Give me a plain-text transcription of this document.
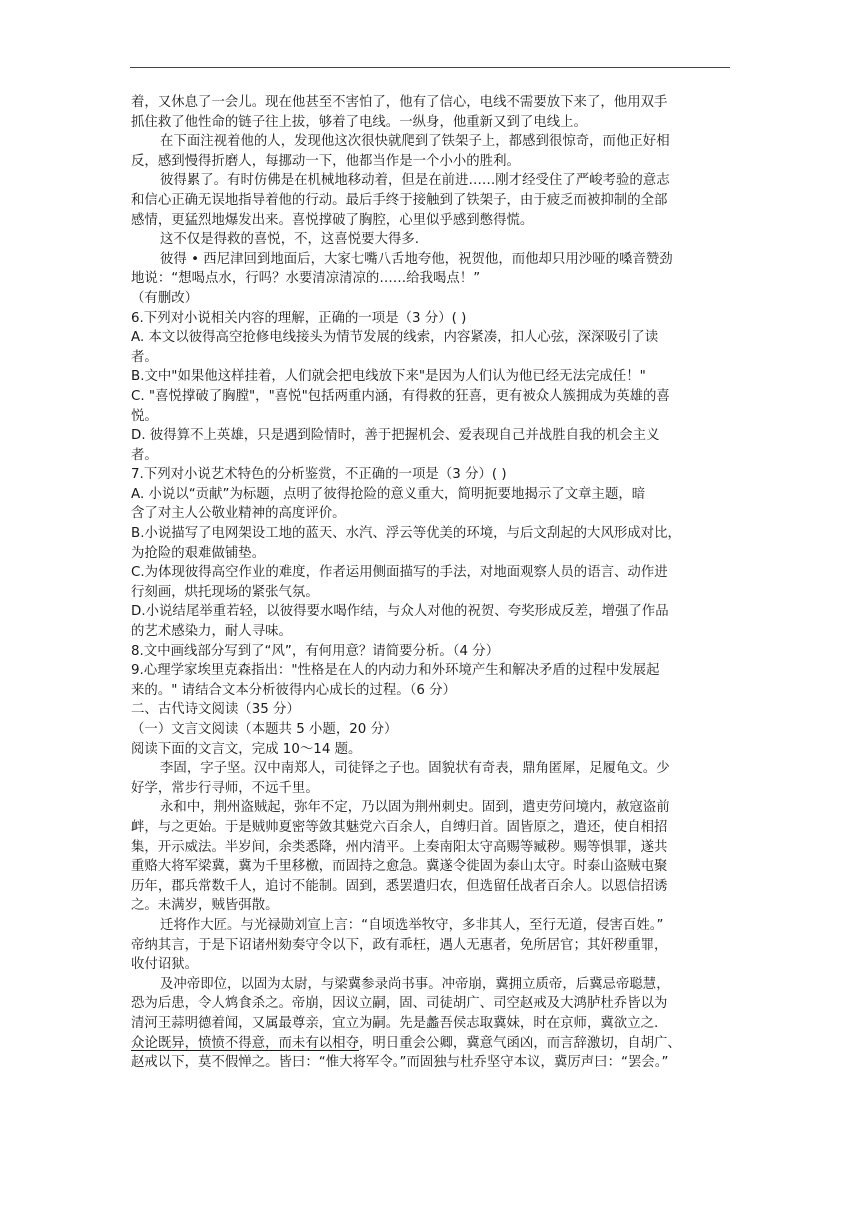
着，又休息了一会儿。现在他甚至不害怕了，他有了信心，电线不需要放下来了，他用双手
抓住救了他性命的链子往上拔，够着了电线。一纵身，他重新又到了电线上。
在下面注视着他的人，发现他这次很快就爬到了铁架子上，都感到很惊奇，而他正好相
反，感到慢得折磨人，每挪动一下，他都当作是一个小小的胜利。
彼得累了。有时仿佛是在机械地移动着，但是在前进……刚才经受住了严峻考验的意志
和信心正确无误地指导着他的行动。最后手终于接触到了铁架子，由于疲乏而被抑制的全部
感情，更猛烈地爆发出来。喜悦撑破了胸腔，心里似乎感到憋得慌。
这不仅是得救的喜悦，不，这喜悦要大得多.
彼得 • 西尼津回到地面后，大家七嘴八舌地夸他，祝贺他，而他却只用沙哑的嗓音赞劲
地说：“想喝点水，行吗？水要清凉清凉的……给我喝点！”
（有删改）
6.下列对小说相关内容的理解，正确的一项是（3 分）( )
A. 本文以彼得高空抢修电线接头为情节发展的线索，内容紧凑，扣人心弦，深深吸引了读
者。
B.文中"如果他这样挂着，人们就会把电线放下来"是因为人们认为他已经无法完成任！"
C. "喜悦撑破了胸膛"，"喜悦"包括两重内涵，有得救的狂喜，更有被众人簇拥成为英雄的喜
悦。
D. 彼得算不上英雄，只是遇到险情时，善于把握机会、爱表现自己并战胜自我的机会主义
者。
7.下列对小说艺术特色的分析鉴赏，不正确的一项是（3 分）( )
A. 小说以“贡献”为标题，点明了彼得抢险的意义重大，简明扼要地揭示了文章主题，暗
含了对主人公敬业精神的高度评价。
B.小说描写了电网架设工地的蓝天、水汽、浮云等优美的环境，与后文刮起的大风形成对比，
为抢险的艰难做铺垫。
C.为体现彼得高空作业的难度，作者运用侧面描写的手法，对地面观察人员的语言、动作进
行刻画，烘托现场的紧张气氛。
D.小说结尾举重若轻，以彼得要水喝作结，与众人对他的祝贺、夸奖形成反差，增强了作品
的艺术感染力，耐人寻味。
8.文中画线部分写到了“风”，有何用意？请简要分析。（4 分）
9.心理学家埃里克森指出："性格是在人的内动力和外环境产生和解决矛盾的过程中发展起
来的。" 请结合文本分析彼得内心成长的过程。（6 分）
二、古代诗文阅读（35 分）
（一）文言文阅读（本题共 5 小题，20 分）
阅读下面的文言文，完成 10～14 题。
李固，字子坚。汉中南郑人，司徒铎之子也。固貌状有奇表，鼎角匿犀，足履龟文。少
好学，常步行寻师，不远千里。
永和中，荆州盗贼起，弥年不定，乃以固为荆州刺史。固到，遣吏劳问境内，赦寇盗前
衅，与之更始。于是贼帅夏密等敛其魅党六百余人，自缚归首。固皆原之，遣还，使自相招
集，开示威法。半岁间，余类悉降，州内清平。上奏南阳太守高赐等臧秽。赐等惧罪，遂共
重赂大将军梁冀，冀为千里移檄，而固持之愈急。冀遂令徙固为泰山太守。时泰山盗贼屯聚
历年，郡兵常数千人，追讨不能制。固到，悉罢遣归农，但选留任战者百余人。以恩信招诱
之。未满岁，贼皆弭散。
迁将作大匠。与光禄勋刘宣上言：“自顷选举牧守，多非其人，至行无道，侵害百姓。”
帝纳其言，于是下诏诸州劾奏守令以下，政有乖枉，遇人无惠者，免所居官；其奸秽重罪，
收付诏狱。
及冲帝即位，以固为太尉，与梁冀参录尚书事。冲帝崩，冀拥立质帝，后冀忌帝聪慧，
恐为后患，令人鸩食杀之。帝崩，因议立嗣，固、司徒胡广、司空赵戒及大鸿胪杜乔皆以为
清河王蒜明德着闻，又属最尊亲，宜立为嗣。先是蠡吾侯志取冀妹，时在京师，冀欲立之.
众论既异，愤愤不得意，而未有以相夺，明日重会公卿，冀意气函凶，而言辞激切，自胡广、
赵戒以下，莫不假惮之。皆曰：“惟大将军令。”而固独与杜乔坚守本议，冀厉声曰：“罢会。”
